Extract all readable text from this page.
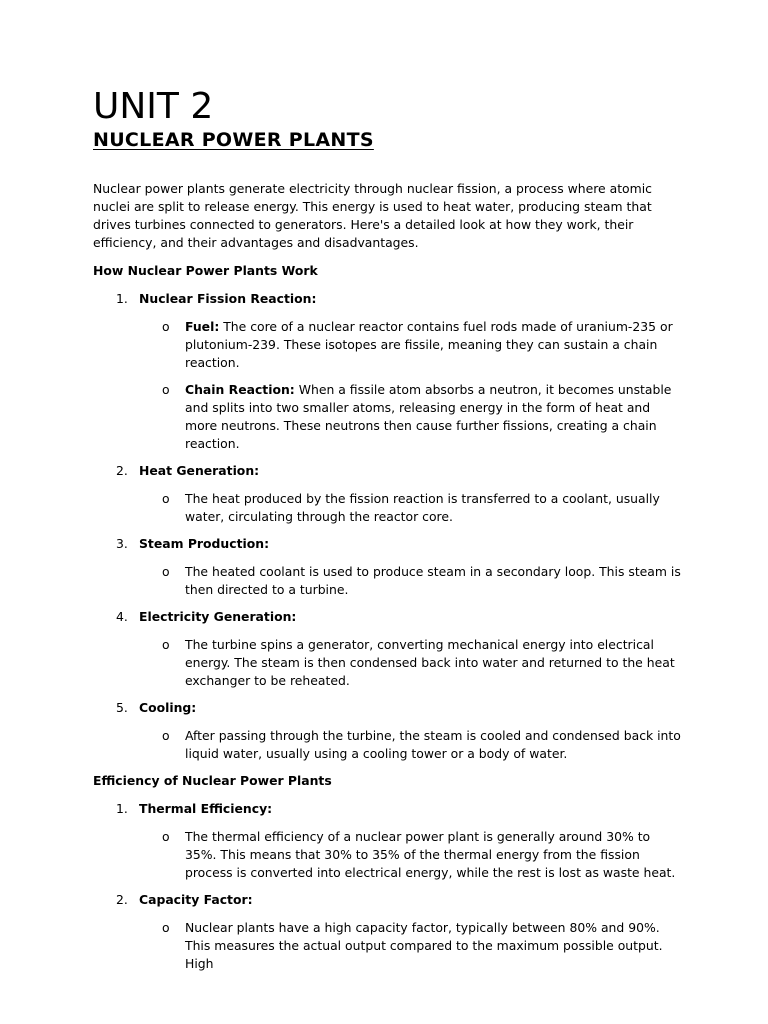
UNIT 2
NUCLEAR POWER PLANTS

Nuclear power plants generate electricity through nuclear fission, a process where atomic nuclei are split to release energy. This energy is used to heat water, producing steam that drives turbines connected to generators. Here's a detailed look at how they work, their efficiency, and their advantages and disadvantages.

How Nuclear Power Plants Work

1. Nuclear Fission Reaction:
o Fuel: The core of a nuclear reactor contains fuel rods made of uranium-235 or plutonium-239. These isotopes are fissile, meaning they can sustain a chain reaction.
o Chain Reaction: When a fissile atom absorbs a neutron, it becomes unstable and splits into two smaller atoms, releasing energy in the form of heat and more neutrons. These neutrons then cause further fissions, creating a chain reaction.
2. Heat Generation:
o The heat produced by the fission reaction is transferred to a coolant, usually water, circulating through the reactor core.
3. Steam Production:
o The heated coolant is used to produce steam in a secondary loop. This steam is then directed to a turbine.
4. Electricity Generation:
o The turbine spins a generator, converting mechanical energy into electrical energy. The steam is then condensed back into water and returned to the heat exchanger to be reheated.
5. Cooling:
o After passing through the turbine, the steam is cooled and condensed back into liquid water, usually using a cooling tower or a body of water.

Efficiency of Nuclear Power Plants

1. Thermal Efficiency:
o The thermal efficiency of a nuclear power plant is generally around 30% to 35%. This means that 30% to 35% of the thermal energy from the fission process is converted into electrical energy, while the rest is lost as waste heat.
2. Capacity Factor:
o Nuclear plants have a high capacity factor, typically between 80% and 90%. This measures the actual output compared to the maximum possible output. High
